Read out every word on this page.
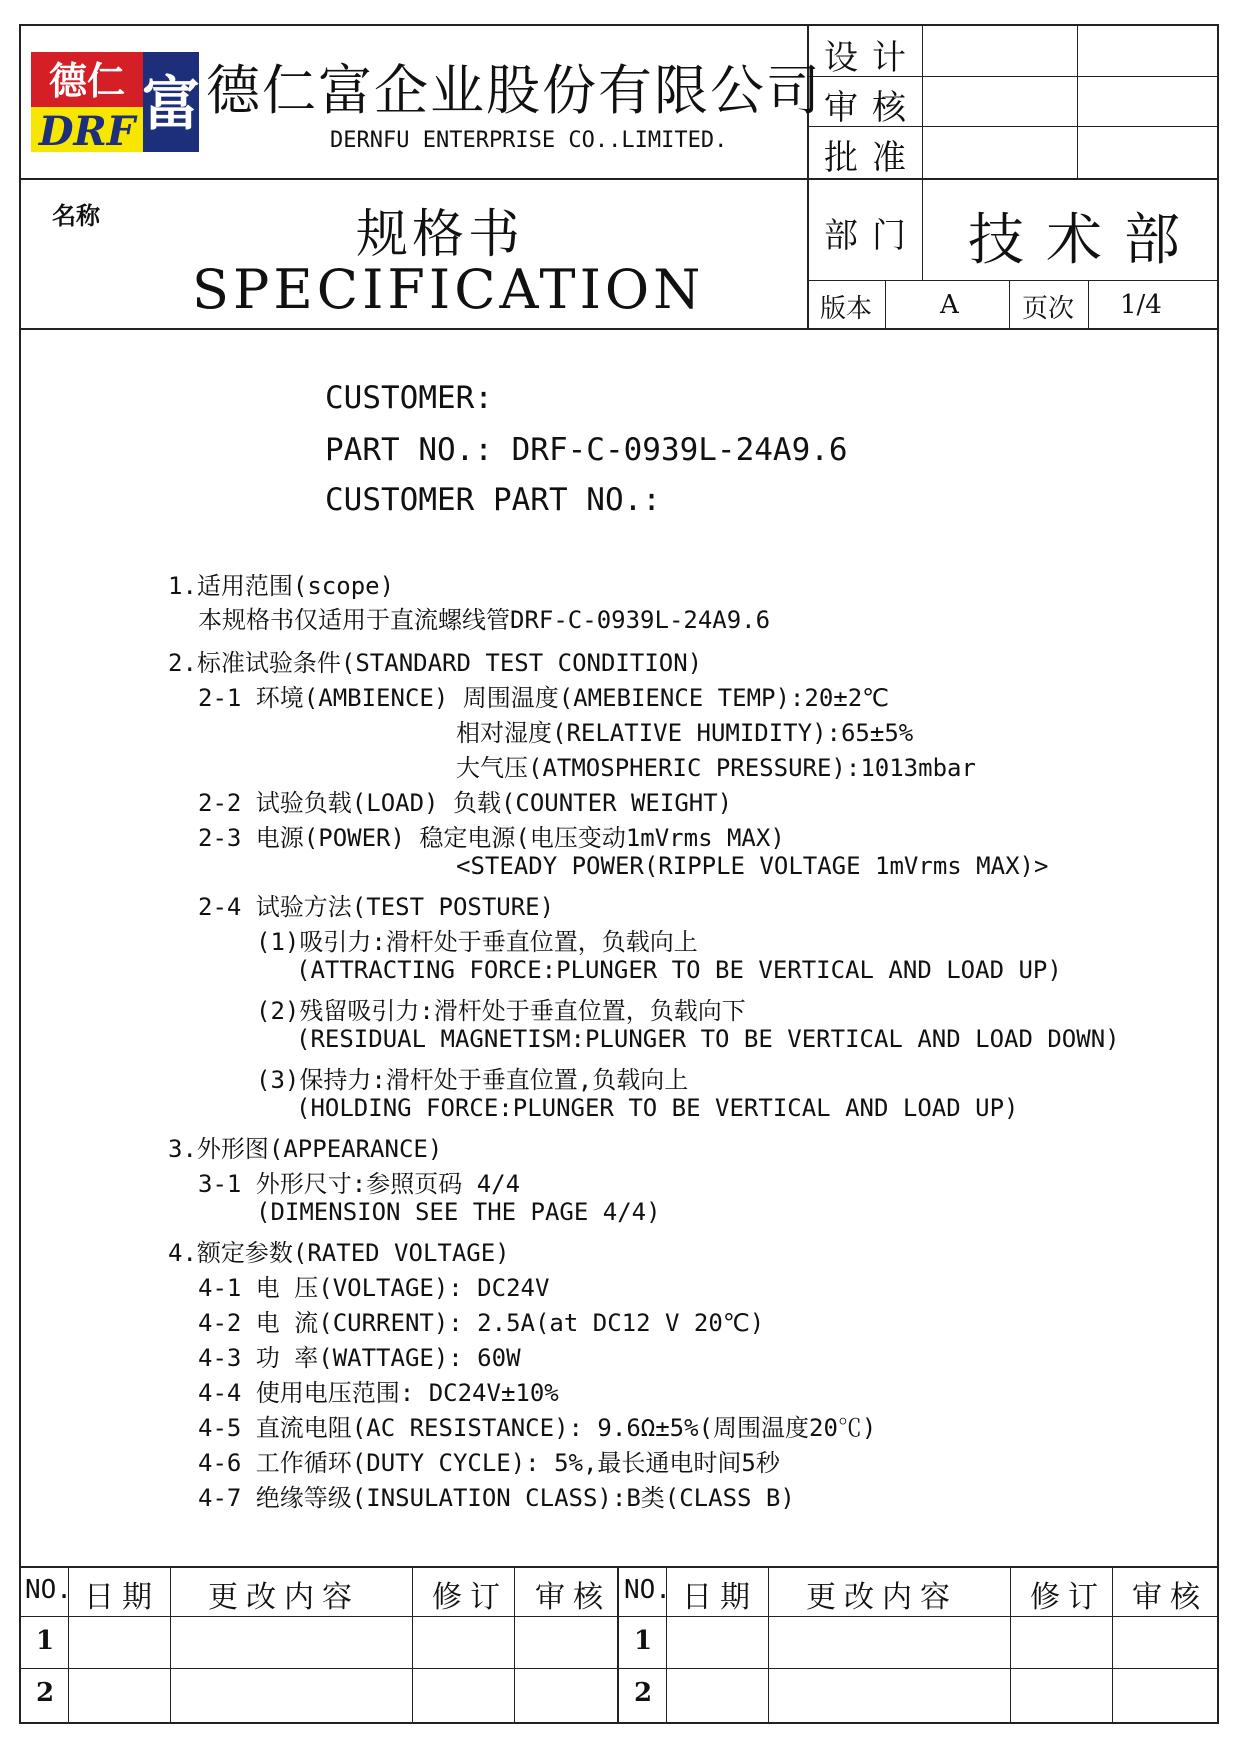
德仁
DRF 富 德仁富企业股份有限公司
DERNFU ENTERPRISE CO..LIMITED.
设计
审核
批准
名称	规格书
SPECIFICATION
部门 技术部
版本	A 页次 1/4
CUSTOMER:
PART NO.: DRF-C-0939L-24A9.6
CUSTOMER PART NO.:
1.适用范围(scope)
本规格书仅适用于直流螺线管DRF-C-0939L-24A9.6
2.标准试验条件(STANDARD TEST CONDITION)
2-1 环境(AMBIENCE) 周围温度(AMEBIENCE TEMP):20±2℃
相对湿度(RELATIVE HUMIDITY):65±5%
大气压(ATMOSPHERIC PRESSURE):1013mbar
2-2 试验负载(LOAD) 负载(COUNTER WEIGHT)
2-3 电源(POWER) 稳定电源(电压变动1mVrms MAX)
<STEADY POWER(RIPPLE VOLTAGE 1mVrms MAX)>
2-4 试验方法(TEST POSTURE)
(1)吸引力:滑杆处于垂直位置，负载向上
(ATTRACTING FORCE:PLUNGER TO BE VERTICAL AND LOAD UP)
(2)残留吸引力:滑杆处于垂直位置，负载向下
(RESIDUAL MAGNETISM:PLUNGER TO BE VERTICAL AND LOAD DOWN)
(3)保持力:滑杆处于垂直位置,负载向上
(HOLDING FORCE:PLUNGER TO BE VERTICAL AND LOAD UP)
3.外形图(APPEARANCE)
3-1 外形尺寸:参照页码 4/4
(DIMENSION SEE THE PAGE 4/4)
4.额定参数(RATED VOLTAGE)
4-1 电 压(VOLTAGE): DC24V
4-2 电 流(CURRENT): 2.5A(at DC12 V 20℃)
4-3 功 率(WATTAGE): 60W
4-4 使用电压范围: DC24V±10%
4-5 直流电阻(AC RESISTANCE): 9.6Ω±5%(周围温度20℃)
4-6 工作循环(DUTY CYCLE): 5%,最长通电时间5秒
4-7 绝缘等级(INSULATION CLASS):B类(CLASS B)
NO. 日期 更改内容 修订 审核 NO. 日期 更改内容 修订 审核
1
2
1
2
